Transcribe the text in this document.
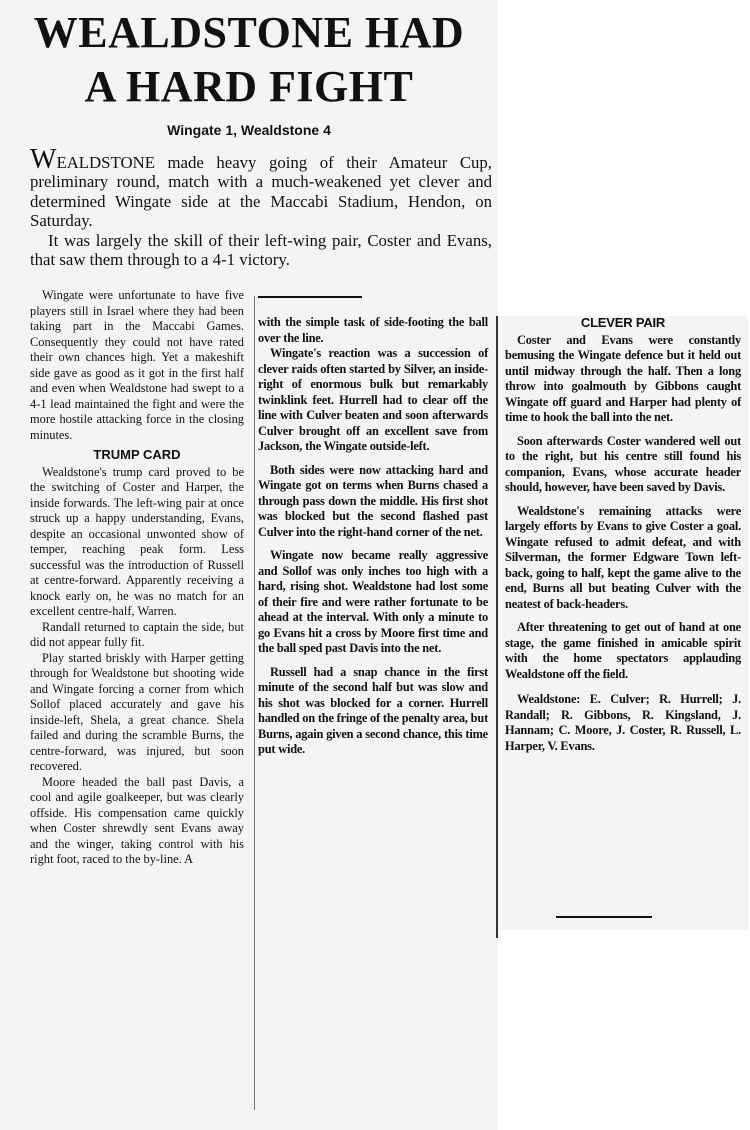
WEALDSTONE HAD
A HARD FIGHT
Wingate 1, Wealdstone 4

WEALDSTONE made heavy going of their Amateur Cup, preliminary round, match with a much-weakened yet clever and determined Wingate side at the Maccabi Stadium, Hendon, on Saturday.

It was largely the skill of their left-wing pair, Coster and Evans, that saw them through to a 4-1 victory.

Wingate were unfortunate to have five players still in Israel where they had been taking part in the Maccabi Games. Consequently they could not have rated their own chances high. Yet a makeshift side gave as good as it got in the first half and even when Wealdstone had swept to a 4-1 lead maintained the fight and were the more hostile attacking force in the closing minutes.

TRUMP CARD

Wealdstone's trump card proved to be the switching of Coster and Harper, the inside forwards. The left-wing pair at once struck up a happy understanding, Evans, despite an occasional unwonted show of temper, reaching peak form. Less successful was the introduction of Russell at centre-forward. Apparently receiving a knock early on, he was no match for an excellent centre-half, Warren.

Randall returned to captain the side, but did not appear fully fit.

Play started briskly with Harper getting through for Wealdstone but shooting wide and Wingate forcing a corner from which Sollof placed accurately and gave his inside-left, Shela, a great chance. Shela failed and during the scramble Burns, the centre-forward, was injured, but soon recovered.

Moore headed the ball past Davis, a cool and agile goalkeeper, but was clearly offside. His compensation came quickly when Coster shrewdly sent Evans away and the winger, taking control with his right foot, raced to the by-line. A

with the simple task of side-footing the ball over the line.

Wingate's reaction was a succession of clever raids often started by Silver, an inside-right of enormous bulk but remarkably twinklink feet. Hurrell had to clear off the line with Culver beaten and soon afterwards Culver brought off an excellent save from Jackson, the Wingate outside-left.

Both sides were now attacking hard and Wingate got on terms when Burns chased a through pass down the middle. His first shot was blocked but the second flashed past Culver into the right-hand corner of the net.

Wingate now became really aggressive and Sollof was only inches too high with a hard, rising shot. Wealdstone had lost some of their fire and were rather fortunate to be ahead at the interval. With only a minute to go Evans hit a cross by Moore first time and the ball sped past Davis into the net.

Russell had a snap chance in the first minute of the second half but was slow and his shot was blocked for a corner. Hurrell handled on the fringe of the penalty area, but Burns, again given a second chance, this time put wide.

CLEVER PAIR

Coster and Evans were constantly bemusing the Wingate defence but it held out until midway through the half. Then a long throw into goalmouth by Gibbons caught Wingate off guard and Harper had plenty of time to hook the ball into the net.

Soon afterwards Coster wandered well out to the right, but his centre still found his companion, Evans, whose accurate header should, however, have been saved by Davis.

Wealdstone's remaining attacks were largely efforts by Evans to give Coster a goal. Wingate refused to admit defeat, and with Silverman, the former Edgware Town left-back, going to half, kept the game alive to the end, Burns all but beating Culver with the neatest of back-headers.

After threatening to get out of hand at one stage, the game finished in amicable spirit with the home spectators applauding Wealdstone off the field.

Wealdstone: E. Culver; R. Hurrell; J. Randall; R. Gibbons, R. Kingsland, J. Hannam; C. Moore, J. Coster, R. Russell, L. Harper, V. Evans.
